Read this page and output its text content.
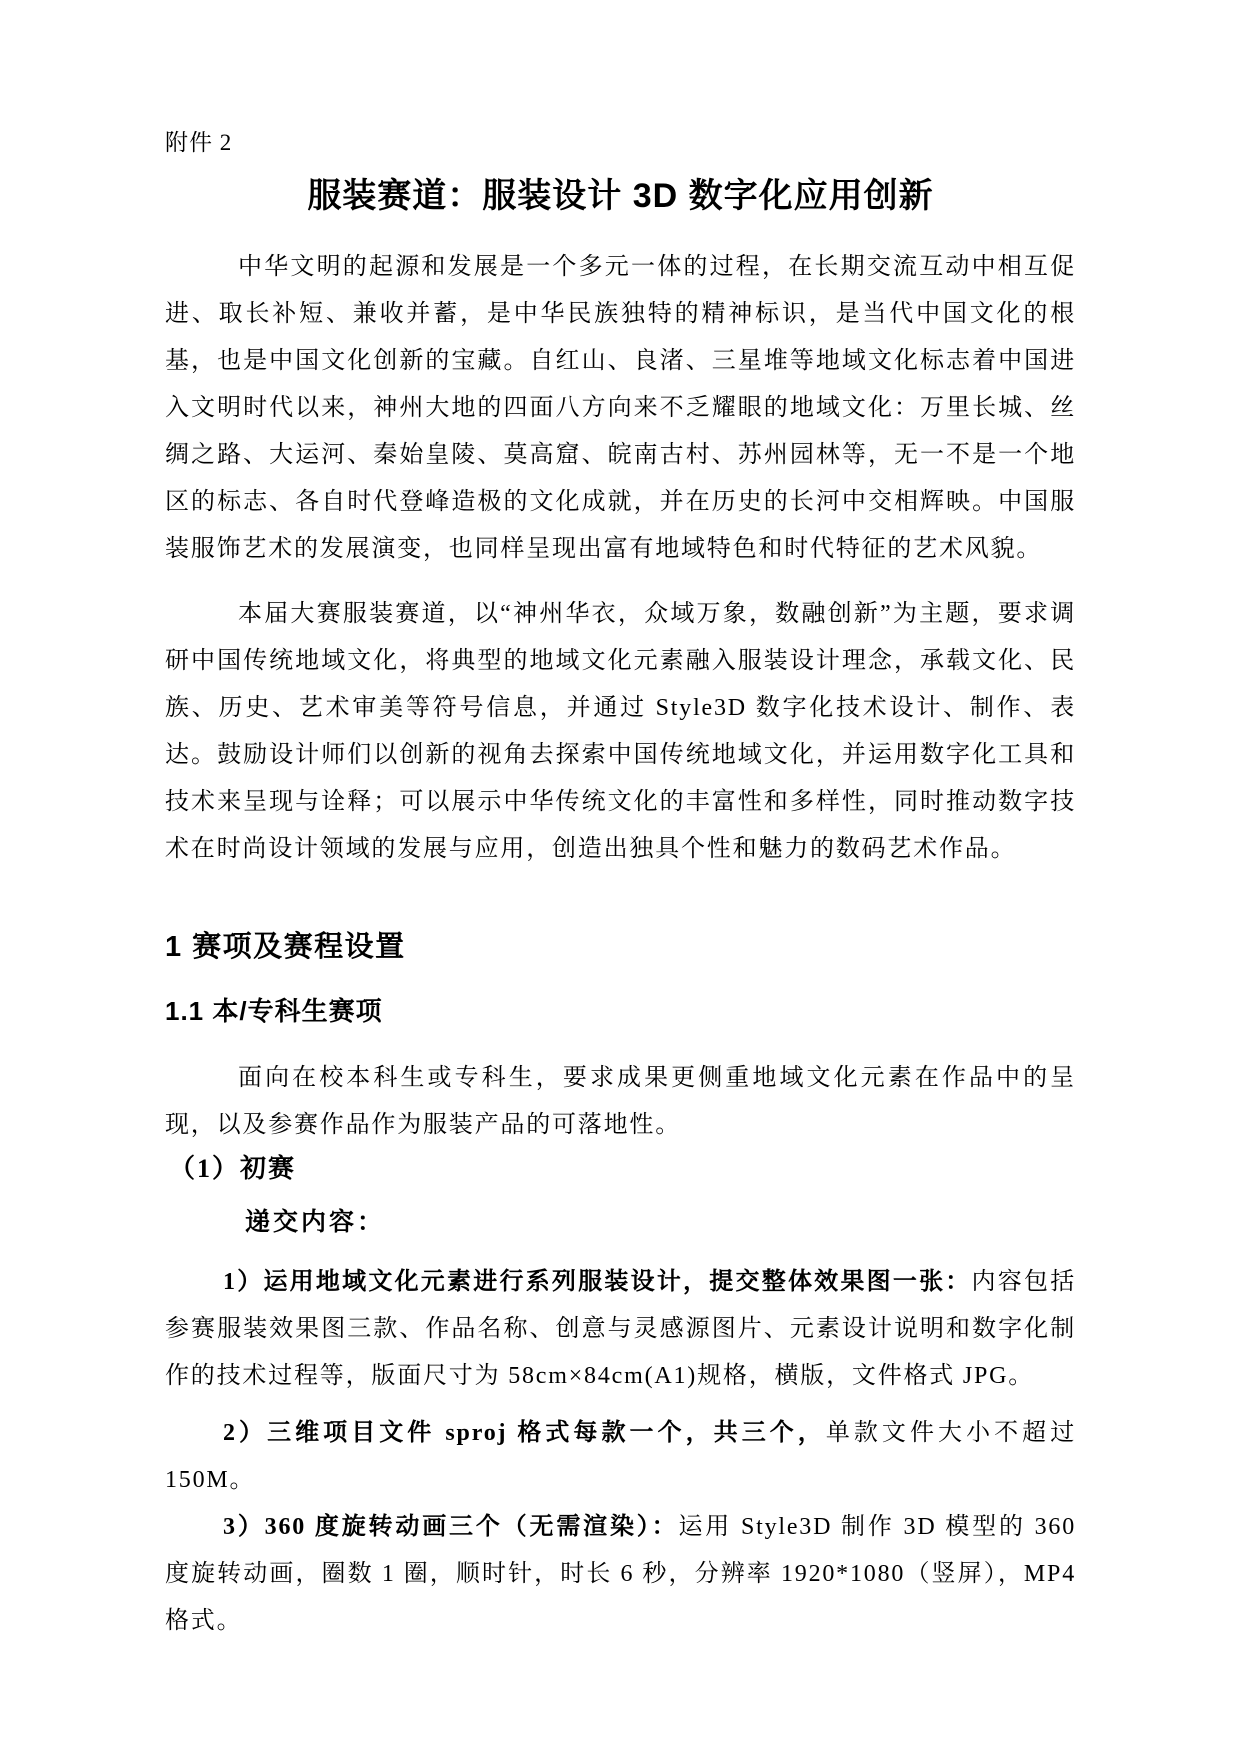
附件 2
服装赛道：服装设计 3D 数字化应用创新

中华文明的起源和发展是一个多元一体的过程，在长期交流互动中相互促进、取长补短、兼收并蓄，是中华民族独特的精神标识，是当代中国文化的根基，也是中国文化创新的宝藏。自红山、良渚、三星堆等地域文化标志着中国进入文明时代以来，神州大地的四面八方向来不乏耀眼的地域文化：万里长城、丝绸之路、大运河、秦始皇陵、莫高窟、皖南古村、苏州园林等，无一不是一个地区的标志、各自时代登峰造极的文化成就，并在历史的长河中交相辉映。中国服装服饰艺术的发展演变，也同样呈现出富有地域特色和时代特征的艺术风貌。

本届大赛服装赛道，以“神州华衣，众域万象，数融创新”为主题，要求调研中国传统地域文化，将典型的地域文化元素融入服装设计理念，承载文化、民族、历史、艺术审美等符号信息，并通过 Style3D 数字化技术设计、制作、表达。鼓励设计师们以创新的视角去探索中国传统地域文化，并运用数字化工具和技术来呈现与诠释；可以展示中华传统文化的丰富性和多样性，同时推动数字技术在时尚设计领域的发展与应用，创造出独具个性和魅力的数码艺术作品。

1 赛项及赛程设置
1.1 本/专科生赛项

面向在校本科生或专科生，要求成果更侧重地域文化元素在作品中的呈现，以及参赛作品作为服装产品的可落地性。

（1）初赛
递交内容：

1）运用地域文化元素进行系列服装设计，提交整体效果图一张：内容包括参赛服装效果图三款、作品名称、创意与灵感源图片、元素设计说明和数字化制作的技术过程等，版面尺寸为 58cm×84cm(A1)规格，横版，文件格式 JPG。

2）三维项目文件 sproj 格式每款一个，共三个，单款文件大小不超过 150M。

3）360 度旋转动画三个（无需渲染）：运用 Style3D 制作 3D 模型的 360 度旋转动画，圈数 1 圈，顺时针，时长 6 秒，分辨率 1920*1080（竖屏），MP4 格式。
